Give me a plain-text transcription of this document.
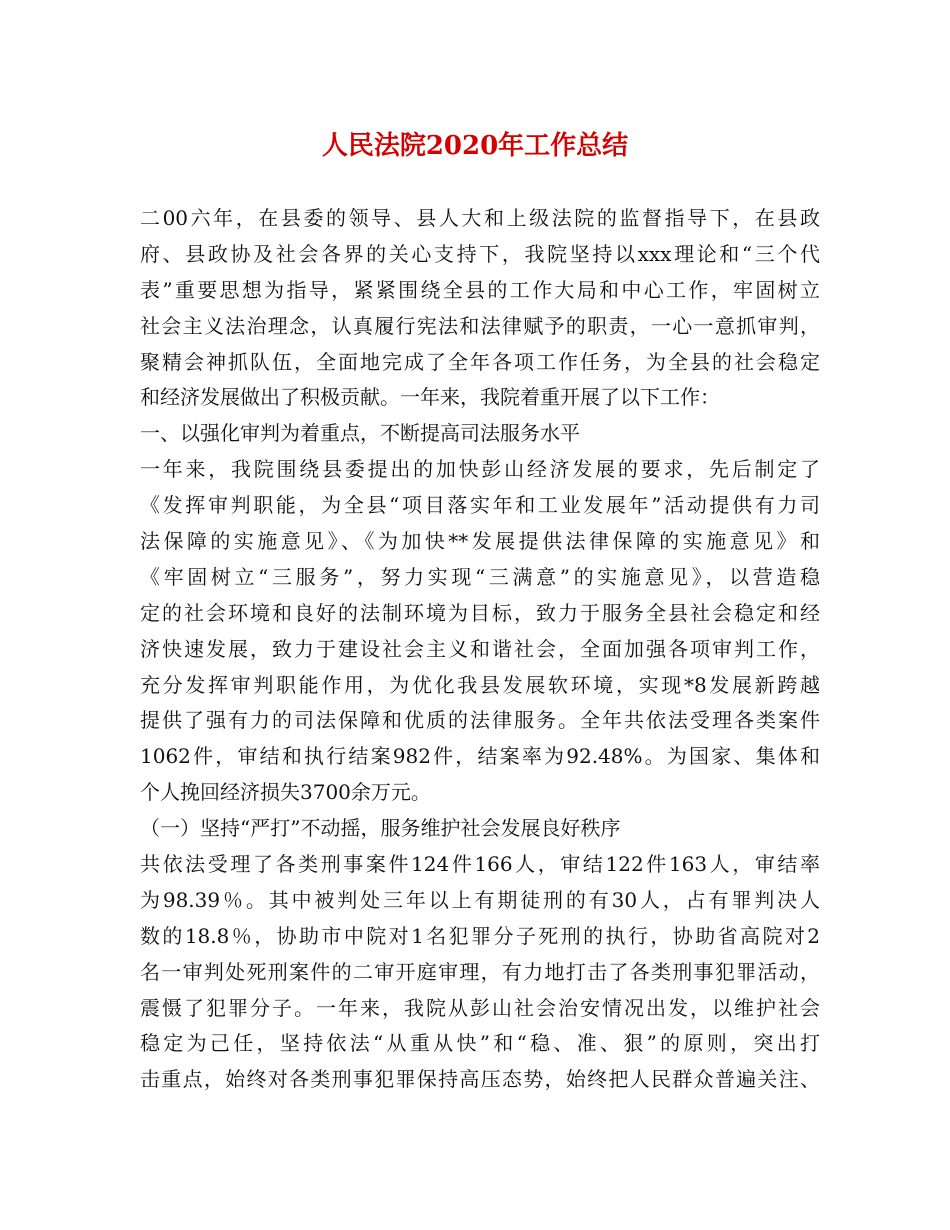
人民法院2020年工作总结
二00六年，在县委的领导、县人大和上级法院的监督指导下，在县政
府、县政协及社会各界的关心支持下，我院坚持以xxx理论和“三个代
表”重要思想为指导，紧紧围绕全县的工作大局和中心工作，牢固树立
社会主义法治理念，认真履行宪法和法律赋予的职责，一心一意抓审判，
聚精会神抓队伍，全面地完成了全年各项工作任务，为全县的社会稳定
和经济发展做出了积极贡献。一年来，我院着重开展了以下工作：
一、以强化审判为着重点，不断提高司法服务水平
一年来，我院围绕县委提出的加快彭山经济发展的要求，先后制定了
《发挥审判职能，为全县“项目落实年和工业发展年”活动提供有力司
法保障的实施意见》、《为加快**发展提供法律保障的实施意见》和
《牢固树立“三服务”，努力实现“三满意”的实施意见》，以营造稳
定的社会环境和良好的法制环境为目标，致力于服务全县社会稳定和经
济快速发展，致力于建设社会主义和谐社会，全面加强各项审判工作，
充分发挥审判职能作用，为优化我县发展软环境，实现*8发展新跨越
提供了强有力的司法保障和优质的法律服务。全年共依法受理各类案件
1062件，审结和执行结案982件，结案率为92.48%。为国家、集体和
个人挽回经济损失3700余万元。
（一）坚持“严打”不动摇，服务维护社会发展良好秩序
共依法受理了各类刑事案件124件166人，审结122件163人，审结率
为98.39％。其中被判处三年以上有期徒刑的有30人，占有罪判决人
数的18.8％，协助市中院对1名犯罪分子死刑的执行，协助省高院对2
名一审判处死刑案件的二审开庭审理，有力地打击了各类刑事犯罪活动，
震慑了犯罪分子。一年来，我院从彭山社会治安情况出发，以维护社会
稳定为己任，坚持依法“从重从快”和“稳、准、狠”的原则，突出打
击重点，始终对各类刑事犯罪保持高压态势，始终把人民群众普遍关注、
